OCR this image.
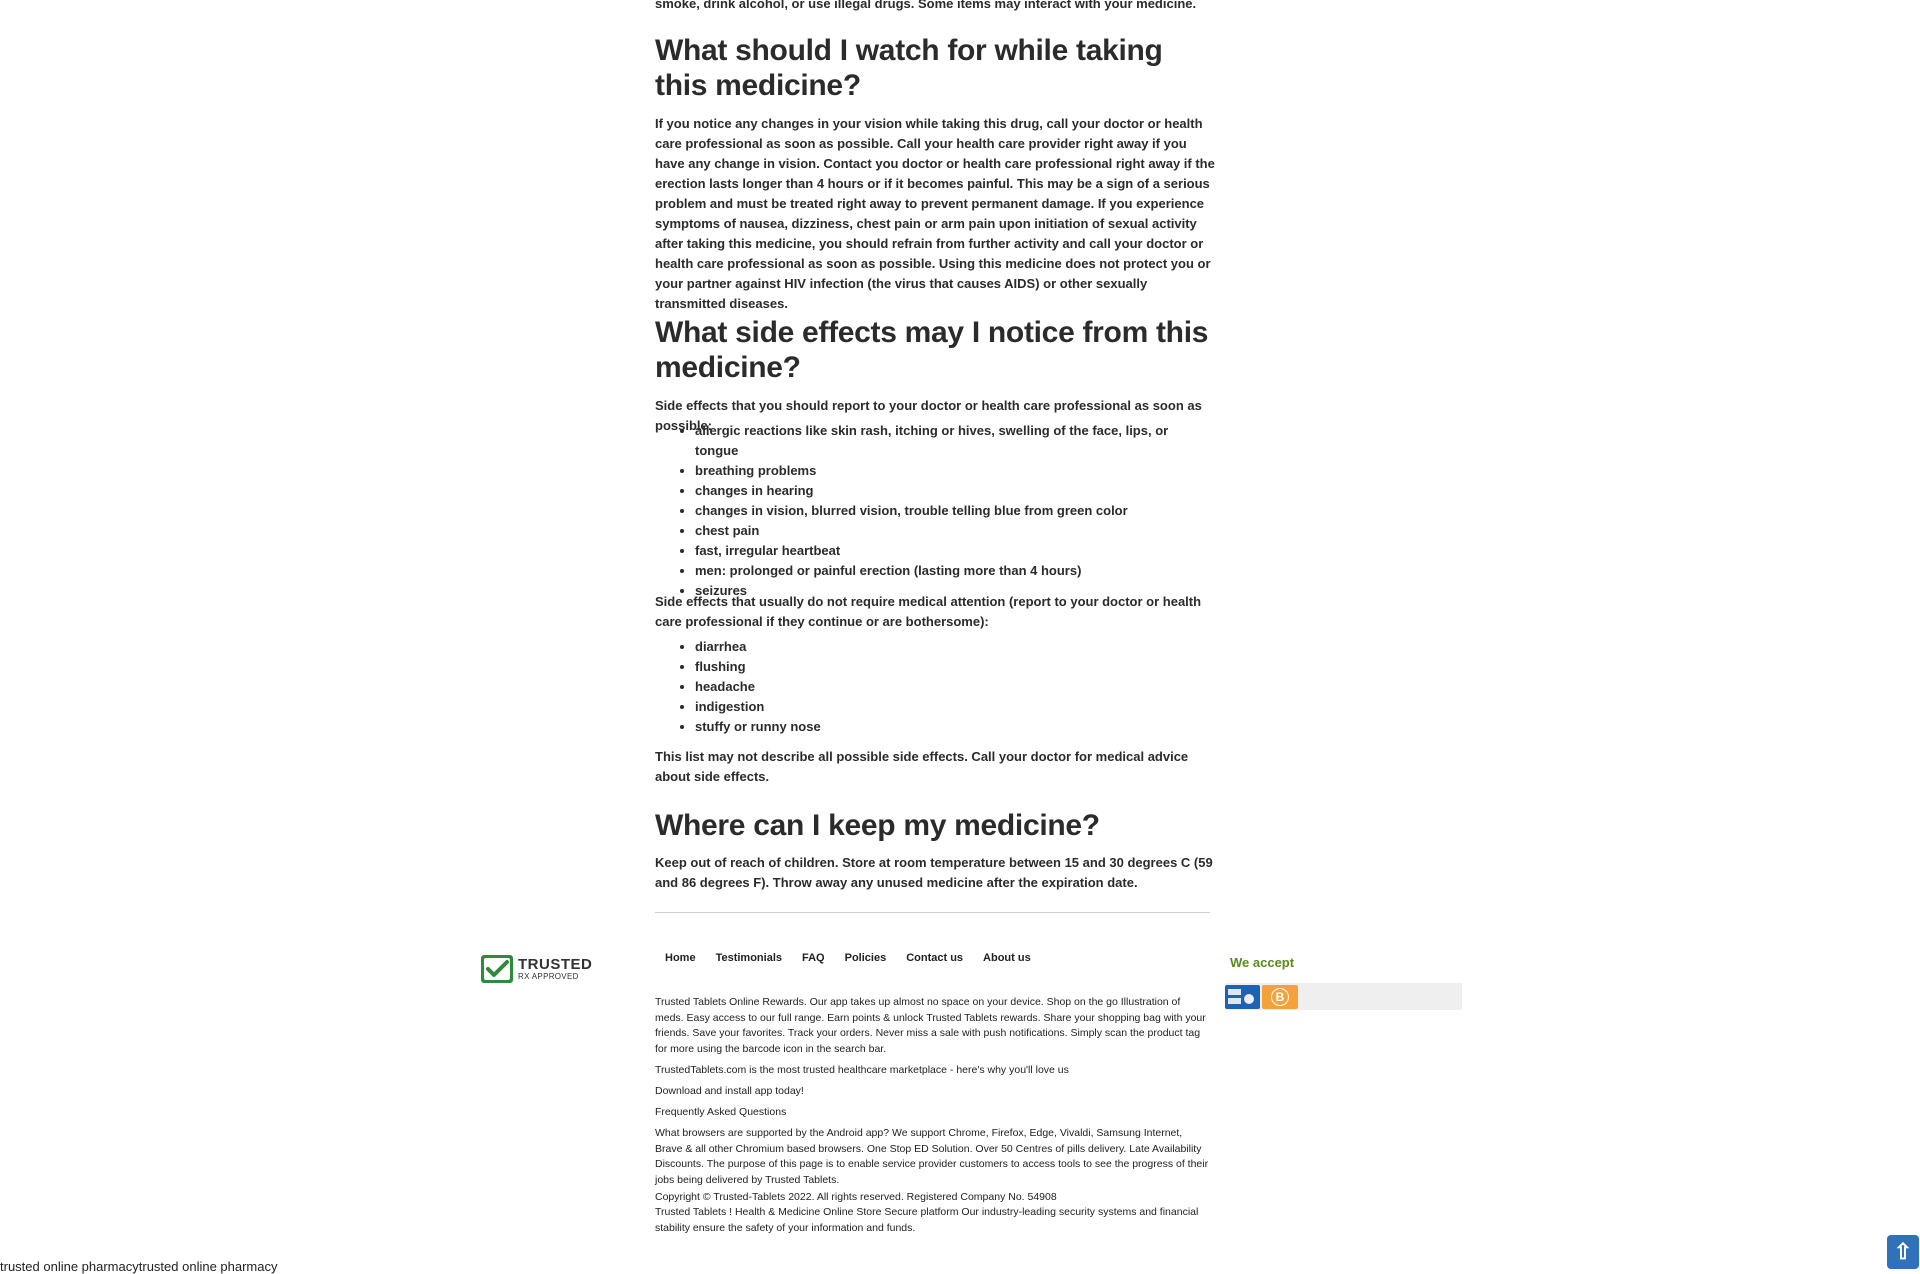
smoke, drink alcohol, or use illegal drugs. Some items may interact with your medicine.

What should I watch for while taking this medicine?

If you notice any changes in your vision while taking this drug, call your doctor or health care professional as soon as possible. Call your health care provider right away if you have any change in vision. Contact you doctor or health care professional right away if the erection lasts longer than 4 hours or if it becomes painful. This may be a sign of a serious problem and must be treated right away to prevent permanent damage. If you experience symptoms of nausea, dizziness, chest pain or arm pain upon initiation of sexual activity after taking this medicine, you should refrain from further activity and call your doctor or health care professional as soon as possible. Using this medicine does not protect you or your partner against HIV infection (the virus that causes AIDS) or other sexually transmitted diseases.

What side effects may I notice from this medicine?

Side effects that you should report to your doctor or health care professional as soon as possible:

• allergic reactions like skin rash, itching or hives, swelling of the face, lips, or tongue
• breathing problems
• changes in hearing
• changes in vision, blurred vision, trouble telling blue from green color
• chest pain
• fast, irregular heartbeat
• men: prolonged or painful erection (lasting more than 4 hours)
• seizures

Side effects that usually do not require medical attention (report to your doctor or health care professional if they continue or are bothersome):

• diarrhea
• flushing
• headache
• indigestion
• stuffy or runny nose

This list may not describe all possible side effects. Call your doctor for medical advice about side effects.

Where can I keep my medicine?

Keep out of reach of children. Store at room temperature between 15 and 30 degrees C (59 and 86 degrees F). Throw away any unused medicine after the expiration date.

TRUSTED
RX APPROVED
Home	Testimonials	FAQ	Policies	Contact us	About us

Trusted Tablets Online Rewards. Our app takes up almost no space on your device. Shop on the go Illustration of meds. Easy access to our full range. Earn points & unlock Trusted Tablets rewards. Share your shopping bag with your friends. Save your favorites. Track your orders. Never miss a sale with push notifications. Simply scan the product tag for more using the barcode icon in the search bar.

TrustedTablets.com is the most trusted healthcare marketplace - here's why you'll love us

Download and install app today!

Frequently Asked Questions

What browsers are supported by the Android app? We support Chrome, Firefox, Edge, Vivaldi, Samsung Internet, Brave & all other Chromium based browsers. One Stop ED Solution. Over 50 Centres of pills delivery. Late Availability Discounts. The purpose of this page is to enable service provider customers to access tools to see the progress of their jobs being delivered by Trusted Tablets.

Copyright © Trusted-Tablets 2022. All rights reserved. Registered Company No. 54908

Trusted Tablets ! Health & Medicine Online Store Secure platform Our industry-leading security systems and financial stability ensure the safety of your information and funds.

We accept
B
trusted online pharmacytrusted online pharmacy
⇧
